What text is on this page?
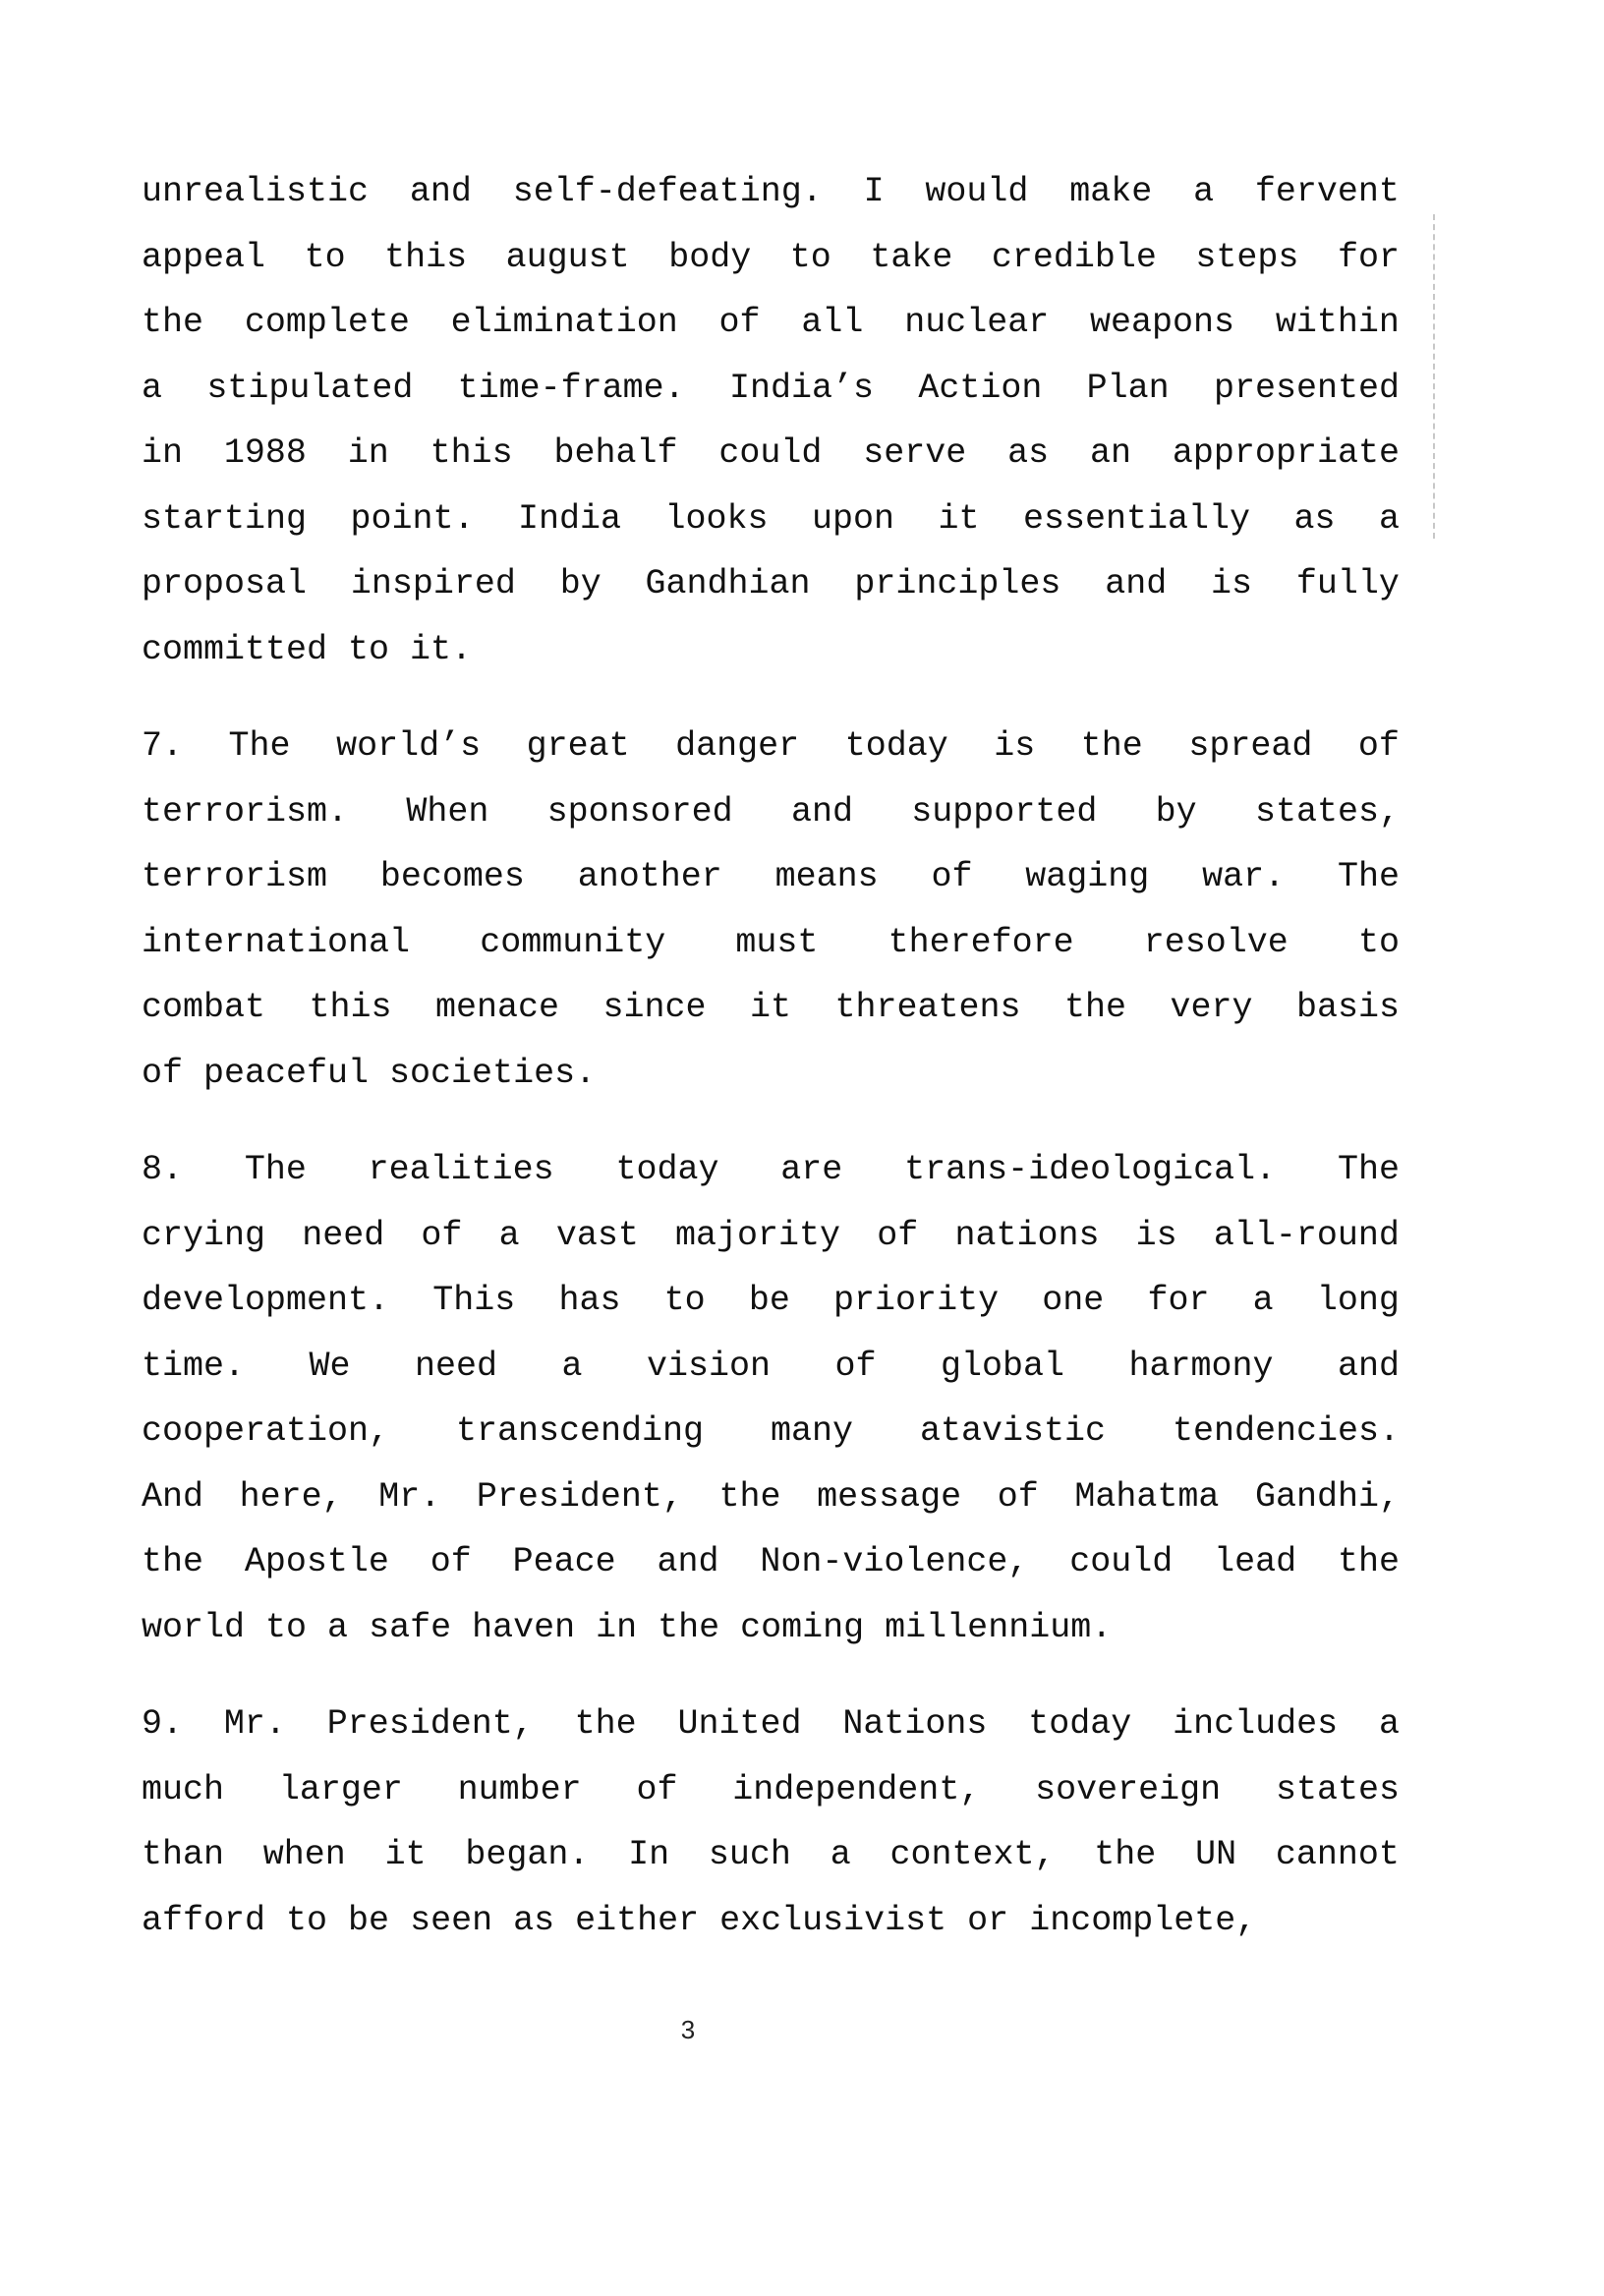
unrealistic and self-defeating. I would make a fervent
appeal to this august body to take credible steps for
the complete elimination of all nuclear weapons within
a stipulated time-frame. India’s Action Plan presented
in 1988 in this behalf could serve as an appropriate
starting point. India looks upon it essentially as a
proposal inspired by Gandhian principles and is fully
committed to it.
7. The world’s great danger today is the spread of
terrorism. When sponsored and supported by states,
terrorism becomes another means of waging war. The
international community must therefore resolve to
combat this menace since it threatens the very basis
of peaceful societies.
8. The realities today are trans-ideological. The
crying need of a vast majority of nations is all-round
development. This has to be priority one for a long
time. We need a vision of global harmony and
cooperation, transcending many atavistic tendencies.
And here, Mr. President, the message of Mahatma Gandhi,
the Apostle of Peace and Non-violence, could lead the
world to a safe haven in the coming millennium.
9. Mr. President, the United Nations today includes a
much larger number of independent, sovereign states
than when it began. In such a context, the UN cannot
afford to be seen as either exclusivist or incomplete,
3
